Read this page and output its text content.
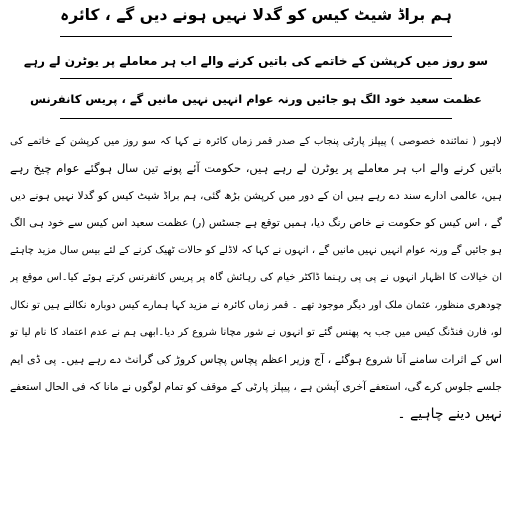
ہم براڈ شیٹ کیس کو گدلا نہیں ہونے دیں گے ، کائرہ
سو روز میں کرپشن کے خاتمے کی باتیں کرنے والے اب ہر معاملے پر یوٹرن لے رہے
عظمت سعید خود الگ ہو جائیں ورنہ عوام انہیں نہیں مانیں گے ، پریس کانفرنس
لاہور ( نمائندہ خصوصی ) پیپلز پارٹی پنجاب کے صدر قمر زماں کائرہ نے کہا کہ سو روز میں کرپشن کے خاتمے کی
باتیں کرنے والے اب ہر معاملے پر یوٹرن لے رہے ہیں، حکومت آئے پونے تین سال ہوگئے عوام چیخ رہے
ہیں، عالمی ادارے سند دے رہے ہیں ان کے دور میں کرپشن بڑھ گئی، ہم براڈ شیٹ کیس کو گدلا نہیں ہونے دیں
گے ، اس کیس کو حکومت نے خاص رنگ دیا، ہمیں توقع ہے جسٹس (ر) عظمت سعید اس کیس سے خود ہی الگ
ہو جائیں گے ورنہ عوام انہیں نہیں مانیں گے ، انہوں نے کہا کہ لاڈلے کو حالات ٹھیک کرنے کے لئے بیس سال مزید چاہئے
ان خیالات کا اظہار انہوں نے پی پی رہنما ڈاکٹر خیام کی رہائش گاہ پر پریس کانفرنس کرتے ہوئے کیا۔اس موقع پر
چودھری منظور، عثمان ملک اور دیگر موجود تھے ۔ قمر زماں کائرہ نے مزید کہا ہمارے کیس دوبارہ نکالنے ہیں تو نکال
لو، فارن فنڈنگ کیس میں جب یہ پھنس گئے تو انہوں نے شور مچانا شروع کر دیا۔ابھی ہم نے عدم اعتماد کا نام لیا تو
اس کے اثرات سامنے آنا شروع ہوگئے ، آج وزیر اعظم پچاس پچاس کروڑ کی گرانٹ دے رہے ہیں۔ پی ڈی ایم
جلسے جلوس کرے گی، استعفے آخری آپشن ہے ، پیپلز پارٹی کے موقف کو تمام لوگوں نے مانا کہ فی الحال استعفے
نہیں دینے چاہیے ۔
